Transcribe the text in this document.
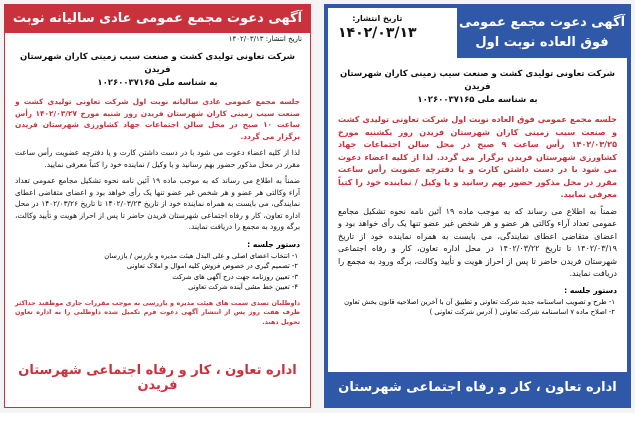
آگهی دعوت مجمع عمومی عادی سالیانه نوبت اول	تاریخ انتشار: ۱۴۰۲/۰۳/۱۳
شرکت تعاونی تولیدی کشت و صنعت سیب زمینی کاران شهرستان فریدن
به شناسه ملی ۱۰۲۶۰۰۳۷۱۶۵

جلسه مجمع عمومی عادی سالیانه نوبت اول شرکت تعاونی تولیدی کشت و صنعت سیب زمینی کاران شهرستان فریدن روز شنبه مورخ ۱۴۰۲/۰۳/۲۷ رأس ساعت ۱۰ صبح در محل سالن اجتماعات جهاد کشاورزی شهرستان فریدن برگزار می گردد.

لذا از کلیه اعضاء دعوت می شود با در دست داشتن کارت و یا دفترچه عضویت رأس ساعت مقرر در محل مذکور حضور بهم رسانید و یا وکیل / نماینده خود را کتباً معرفی نمایید.

ضمناً به اطلاع می رساند که به موجب ماده ۱۹ آئین نامه نحوه تشکیل مجامع عمومی تعداد آراء وکالتی هر عضو و هر شخص غیر عضو تنها یک رأی خواهد بود و اعضای متقاضی اعطای نمایندگی، می بایست به همراه نماینده خود از تاریخ ۱۴۰۲/۰۳/۲۳ تا تاریخ ۱۴۰۲/۰۳/۲۶ در محل اداره تعاون، کار و رفاه اجتماعی شهرستان فریدن حاضر تا پس از احراز هویت و تأیید وکالت، برگه ورود به مجمع را دریافت نمایند.

دستور جلسه :
۱- انتخاب اعضای اصلی و علی البدل هیئت مدیره و بازرس / بازرسان
۲- تصمیم گیری در خصوص فروش کلیه اموال و املاک تعاونی
۳- تعیین روزنامه جهت درج آگهی های شرکت
۴- تعیین خط مشی آینده شرکت تعاونی
داوطلبان تصدی سمت های هیئت مدیره و بازرسی به موجب مقررات جاری موظفند حداکثر ظرف هفت روز پس از انتشار آگهی دعوت فرم تکمیل شده داوطلبی را به اداره تعاون تحویل دهند.
اداره تعاون ، کار و رفاه اجتماعی شهرستان فریدن
آگهی دعوت مجمع عمومی
فوق العاده نوبت اول
تاریخ انتشار:
۱۴۰۲/۰۳/۱۳
شرکت تعاونی تولیدی کشت و صنعت سیب زمینی کاران شهرستان فریدن
به شناسه ملی ۱۰۲۶۰۰۳۷۱۶۵

جلسه مجمع عمومی فوق العاده نوبت اول شرکت تعاونی تولیدی کشت و صنعت سیب زمینی کاران شهرستان فریدن روز یکشنبه مورخ ۱۴۰۲/۰۳/۲۵ رأس ساعت ۹ صبح در محل سالن اجتماعات جهاد کشاورزی شهرستان فریدن برگزار می گردد. لذا از کلیه اعضاء دعوت می شود با در دست داشتن کارت و یا دفترچه عضویت رأس ساعت مقرر در محل مذکور حضور بهم رسانید و یا وکیل / نماینده خود را کتباً معرفی نمایید.

ضمناً به اطلاع می رساند که به موجب ماده ۱۹ آئین نامه نحوه تشکیل مجامع عمومی تعداد آراء وکالتی هر عضو و هر شخص غیر عضو تنها یک رأی خواهد بود و اعضای متقاضی اعطای نمایندگی، می بایست به همراه نماینده خود از تاریخ ۱۴۰۲/۰۳/۱۹ تا تاریخ ۱۴۰۲/۰۳/۲۲ در محل اداره تعاون، کار و رفاه اجتماعی شهرستان فریدن حاضر تا پس از احراز هویت و تأیید وکالت، برگه ورود به مجمع را دریافت نمایند.

دستور جلسه :
۱- طرح و تصویب اساسنامه جدید شرکت تعاونی و تطبیق آن با آخرین اصلاحیه قانون بخش تعاون
۲- اصلاح ماده ۷ اساسنامه شرکت تعاونی ( آدرس شرکت تعاونی )
اداره تعاون ، کار و رفاه اجتماعی شهرستان فریدن
